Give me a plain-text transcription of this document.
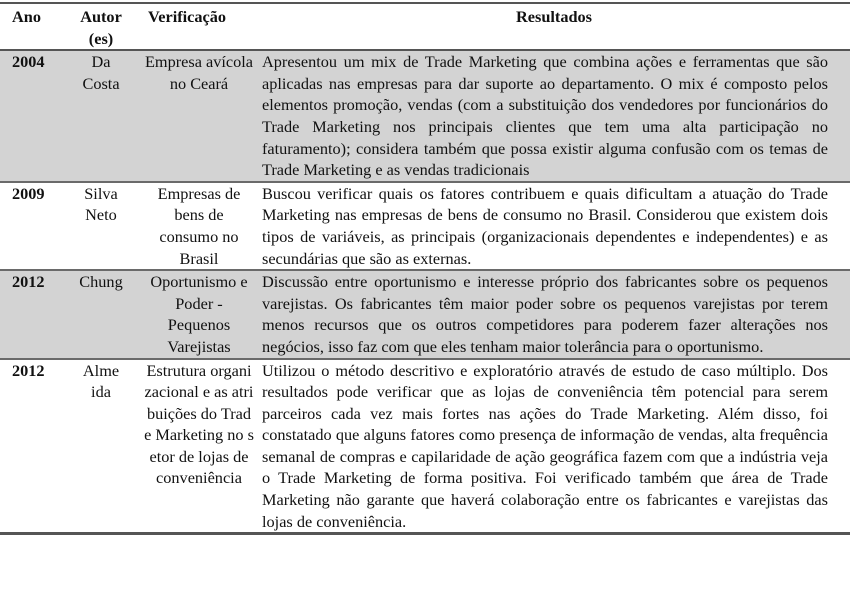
Ano	Autor (es)	Verificação	Resultados
2004	Da Costa	Empresa avícola no Ceará	Apresentou um mix de Trade Marketing que combina ações e ferramentas que são aplicadas nas empresas para dar suporte ao departamento. O mix é composto pelos elementos promoção, vendas (com a substituição dos vendedores por funcionários do Trade Marketing nos principais clientes que tem uma alta participação no faturamento); considera também que possa existir alguma confusão com os temas de Trade Marketing e as vendas tradicionais
2009	Silva Neto	Empresas de bens de consumo no Brasil	Buscou verificar quais os fatores contribuem e quais dificultam a atuação do Trade Marketing nas empresas de bens de consumo no Brasil. Considerou que existem dois tipos de variáveis, as principais (organizacionais dependentes e independentes) e as secundárias que são as externas.
2012	Chung	Oportunismo e Poder - Pequenos Varejistas	Discussão entre oportunismo e interesse próprio dos fabricantes sobre os pequenos varejistas. Os fabricantes têm maior poder sobre os pequenos varejistas por terem menos recursos que os outros competidores para poderem fazer alterações nos negócios, isso faz com que eles tenham maior tolerância para o oportunismo.
2012	Almeida	Estrutura organizacional e as atribuições do Trade Marketing no setor de lojas de conveniência	Utilizou o método descritivo e exploratório através de estudo de caso múltiplo. Dos resultados pode verificar que as lojas de conveniência têm potencial para serem parceiros cada vez mais fortes nas ações do Trade Marketing. Além disso, foi constatado que alguns fatores como presença de informação de vendas, alta frequência semanal de compras e capilaridade de ação geográfica fazem com que a indústria veja o Trade Marketing de forma positiva. Foi verificado também que área de Trade Marketing não garante que haverá colaboração entre os fabricantes e varejistas das lojas de conveniência.
